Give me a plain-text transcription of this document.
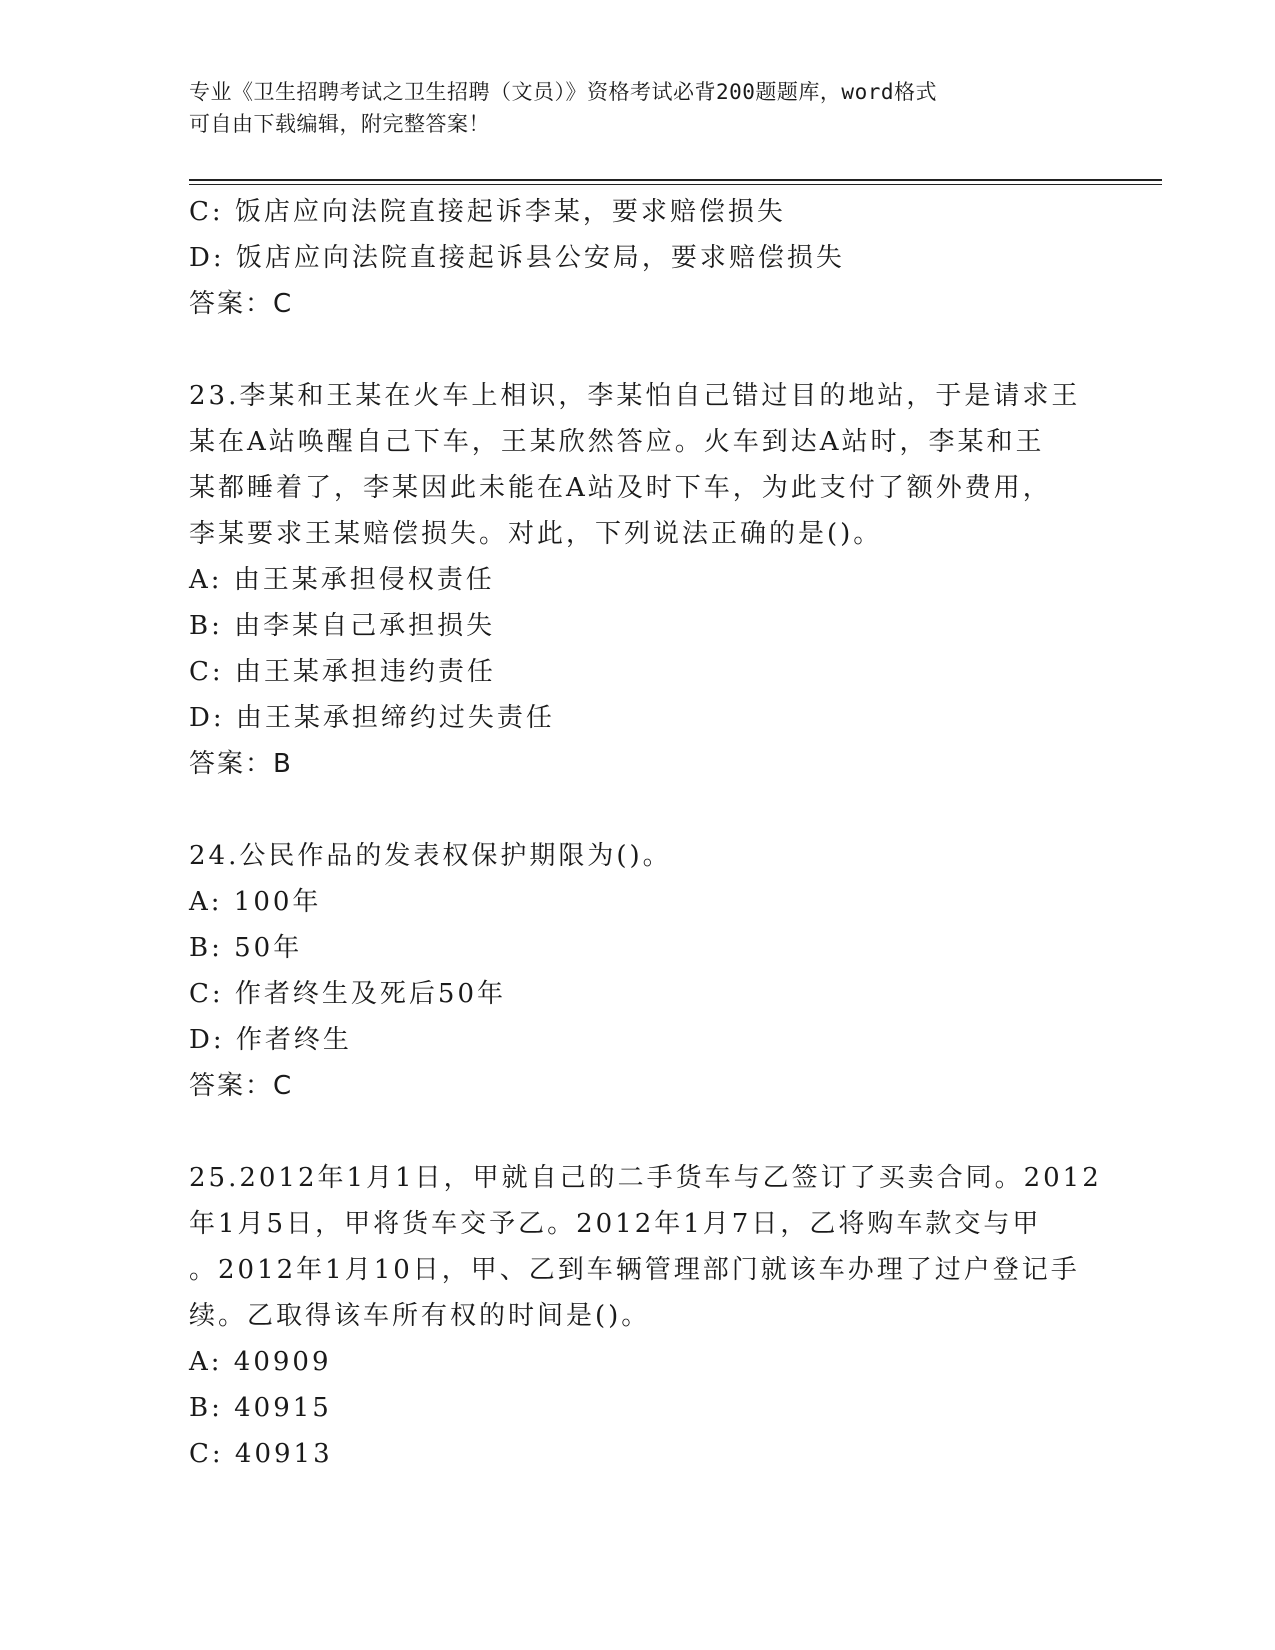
专业《卫生招聘考试之卫生招聘（文员）》资格考试必背200题题库，word格式
可自由下载编辑，附完整答案！
C: 饭店应向法院直接起诉李某，要求赔偿损失
D: 饭店应向法院直接起诉县公安局，要求赔偿损失
答案：C
23.李某和王某在火车上相识，李某怕自己错过目的地站，于是请求王
某在A站唤醒自己下车，王某欣然答应。火车到达A站时，李某和王
某都睡着了，李某因此未能在A站及时下车，为此支付了额外费用，
李某要求王某赔偿损失。对此，下列说法正确的是()。
A: 由王某承担侵权责任
B: 由李某自己承担损失
C: 由王某承担违约责任
D: 由王某承担缔约过失责任
答案：B
24.公民作品的发表权保护期限为()。
A: 100年
B: 50年
C: 作者终生及死后50年
D: 作者终生
答案：C
25.2012年1月1日，甲就自己的二手货车与乙签订了买卖合同。2012
年1月5日，甲将货车交予乙。2012年1月7日，乙将购车款交与甲
。2012年1月10日，甲、乙到车辆管理部门就该车办理了过户登记手
续。乙取得该车所有权的时间是()。
A: 40909
B: 40915
C: 40913
